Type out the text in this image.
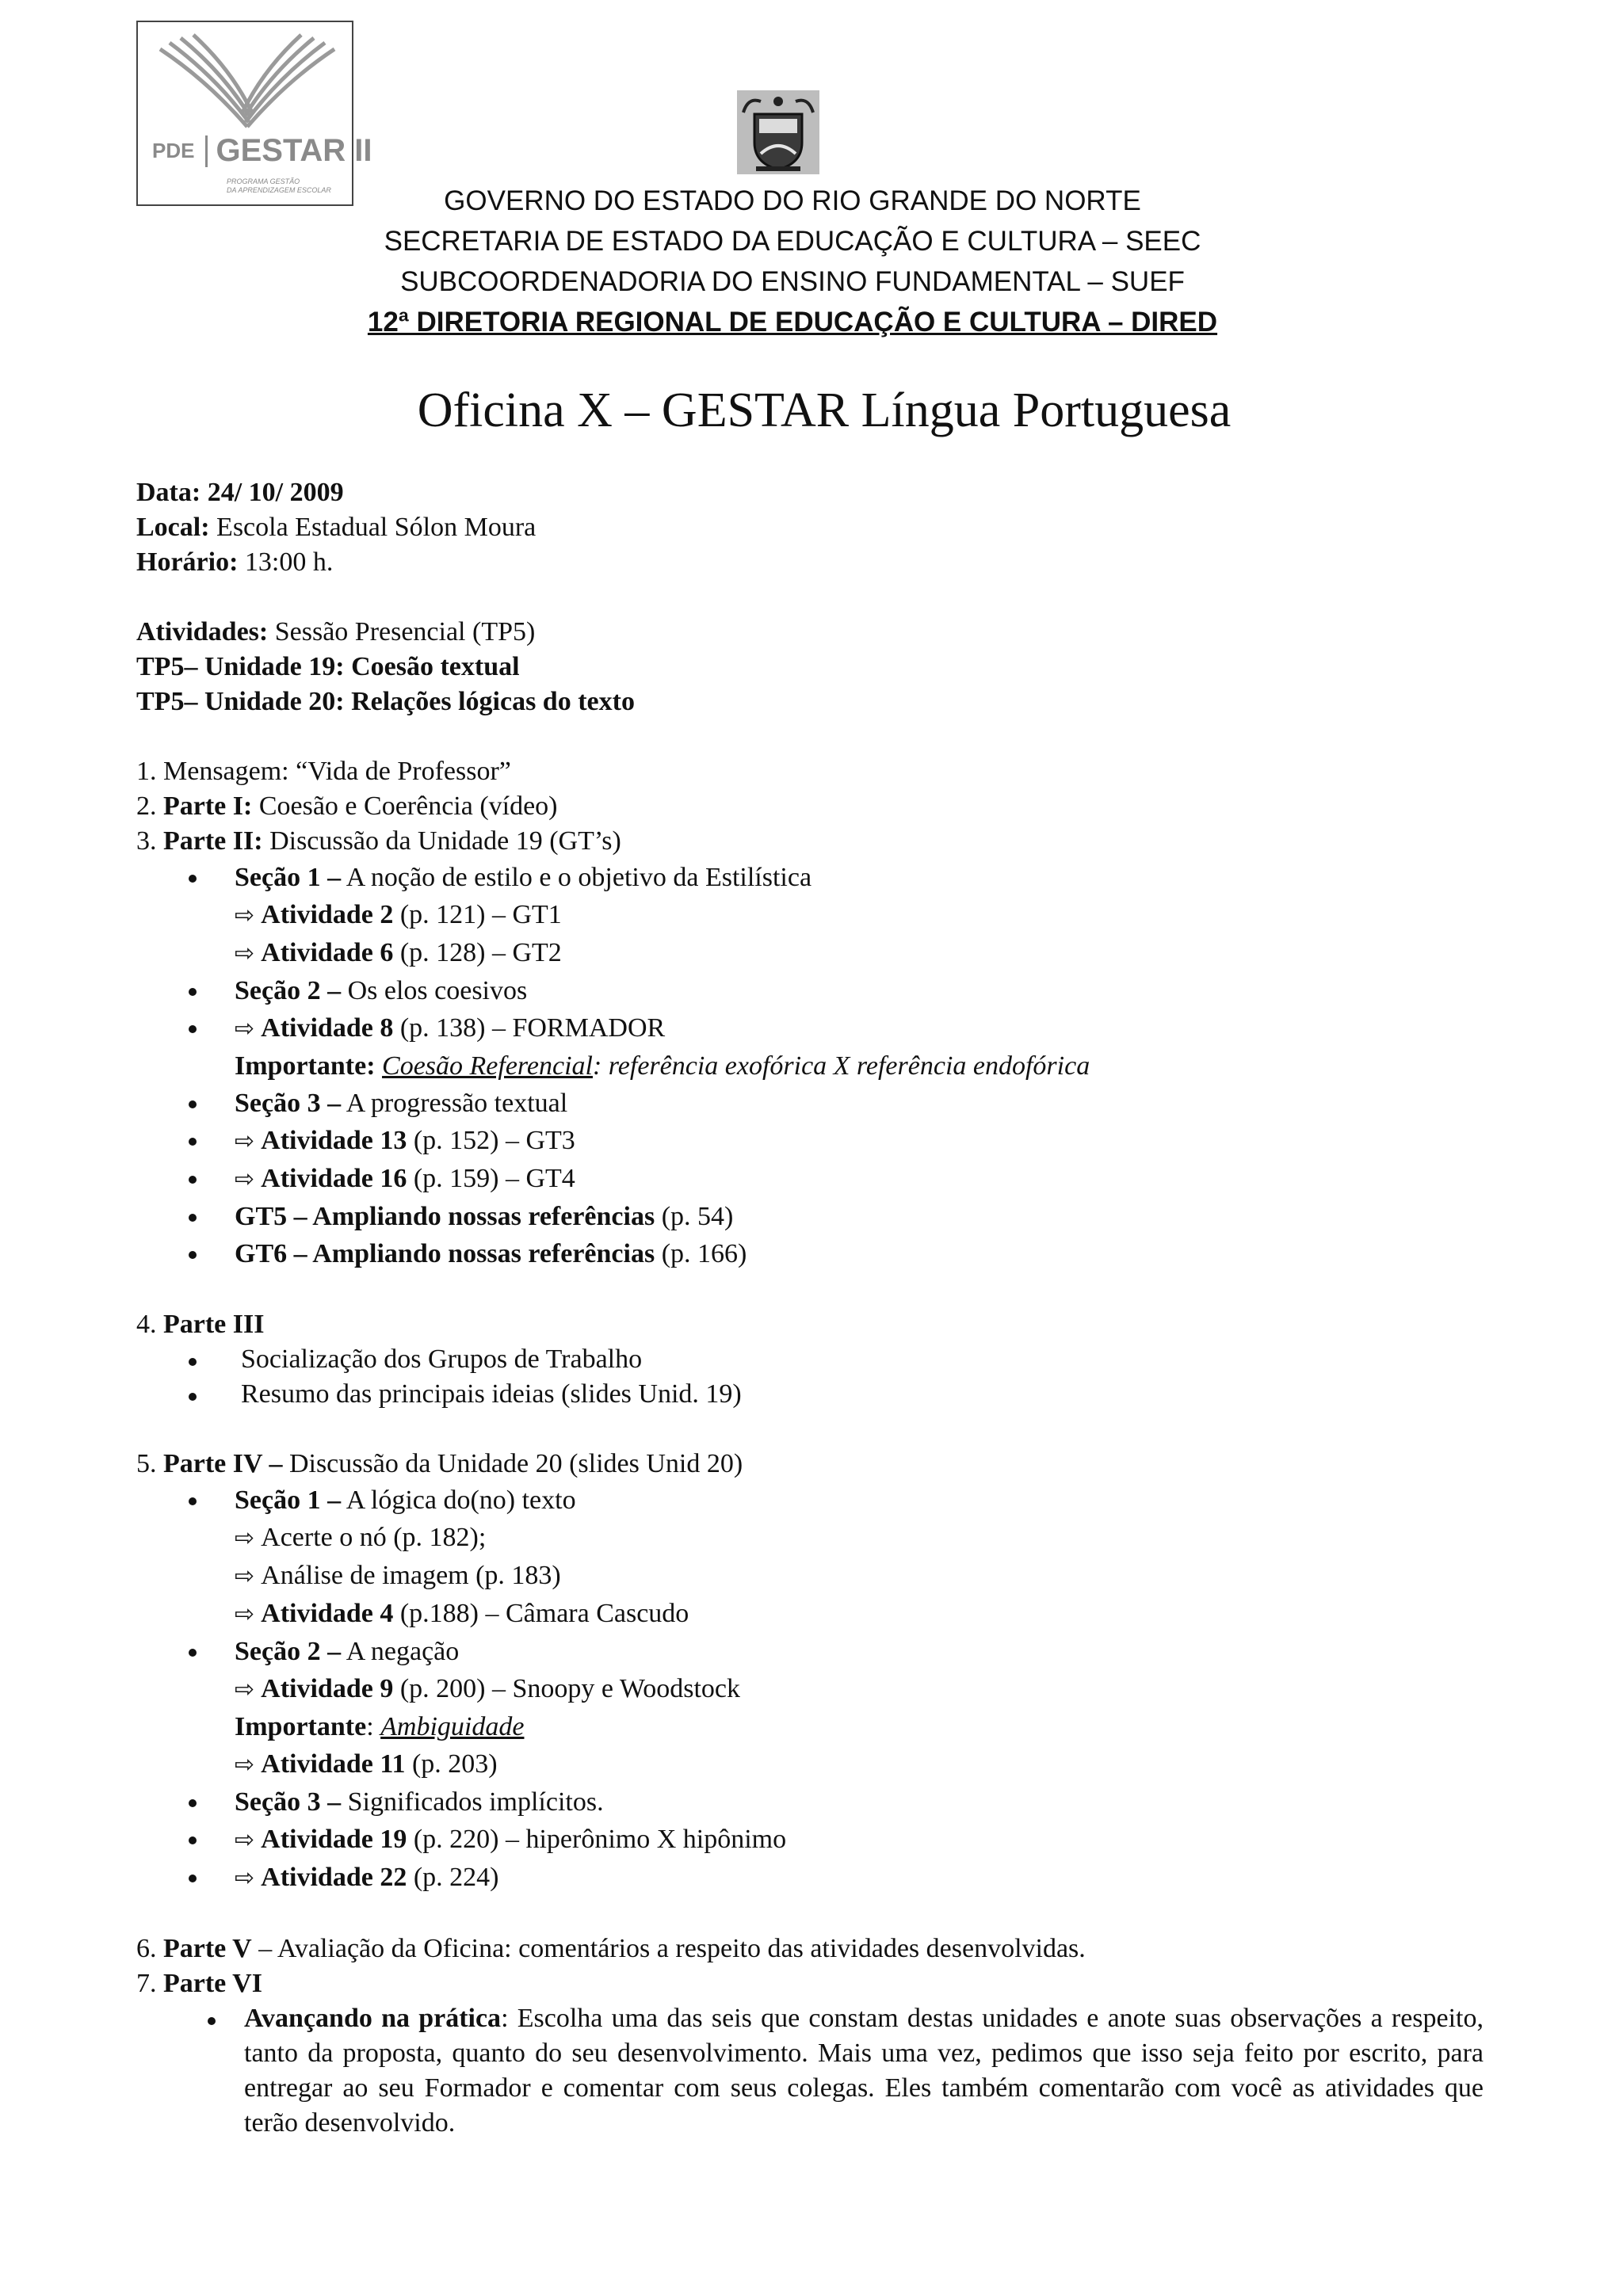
PDE GESTAR II
PROGRAMA GESTÃO
DA APRENDIZAGEM ESCOLAR	GOVERNO DO ESTADO DO RIO GRANDE DO NORTE
SECRETARIA DE ESTADO DA EDUCAÇÃO E CULTURA – SEEC
SUBCOORDENADORIA DO ENSINO FUNDAMENTAL – SUEF
12ª DIRETORIA REGIONAL DE EDUCAÇÃO E CULTURA – DIRED
Oficina X – GESTAR Língua Portuguesa

Data: 24/ 10/ 2009

Local: Escola Estadual Sólon Moura

Horário: 13:00 h.

Atividades: Sessão Presencial (TP5)

TP5– Unidade 19: Coesão textual

TP5– Unidade 20: Relações lógicas do texto

1. Mensagem: “Vida de Professor”

2. Parte I: Coesão e Coerência (vídeo)

3. Parte II: Discussão da Unidade 19 (GT’s)

Seção 1 – A noção de estilo e o objetivo da Estilística
⇨ Atividade 2 (p. 121) – GT1
⇨ Atividade 6 (p. 128) – GT2
Seção 2 – Os elos coesivos
⇨ Atividade 8 (p. 138) – FORMADOR
Importante: Coesão Referencial: referência exofórica X referência endofórica
Seção 3 – A progressão textual
⇨ Atividade 13 (p. 152) – GT3
⇨ Atividade 16 (p. 159) – GT4
GT5 – Ampliando nossas referências (p. 54)
GT6 – Ampliando nossas referências (p. 166)

4. Parte III

Socialização dos Grupos de Trabalho
Resumo das principais ideias (slides Unid. 19)

5. Parte IV – Discussão da Unidade 20 (slides Unid 20)

Seção 1 – A lógica do(no) texto
⇨ Acerte o nó (p. 182);
⇨ Análise de imagem (p. 183)
⇨ Atividade 4 (p.188) – Câmara Cascudo
Seção 2 – A negação
⇨ Atividade 9 (p. 200) – Snoopy e Woodstock
Importante: Ambiguidade
⇨ Atividade 11 (p. 203)
Seção 3 – Significados implícitos.
⇨ Atividade 19 (p. 220) – hiperônimo X hipônimo
⇨ Atividade 22 (p. 224)

6. Parte V – Avaliação da Oficina: comentários a respeito das atividades desenvolvidas.

7. Parte VI

Avançando na prática: Escolha uma das seis que constam destas unidades e anote suas observações a respeito, tanto da proposta, quanto do seu desenvolvimento. Mais uma vez, pedimos que isso seja feito por escrito, para entregar ao seu Formador e comentar com seus colegas. Eles também comentarão com você as atividades que terão desenvolvido.
